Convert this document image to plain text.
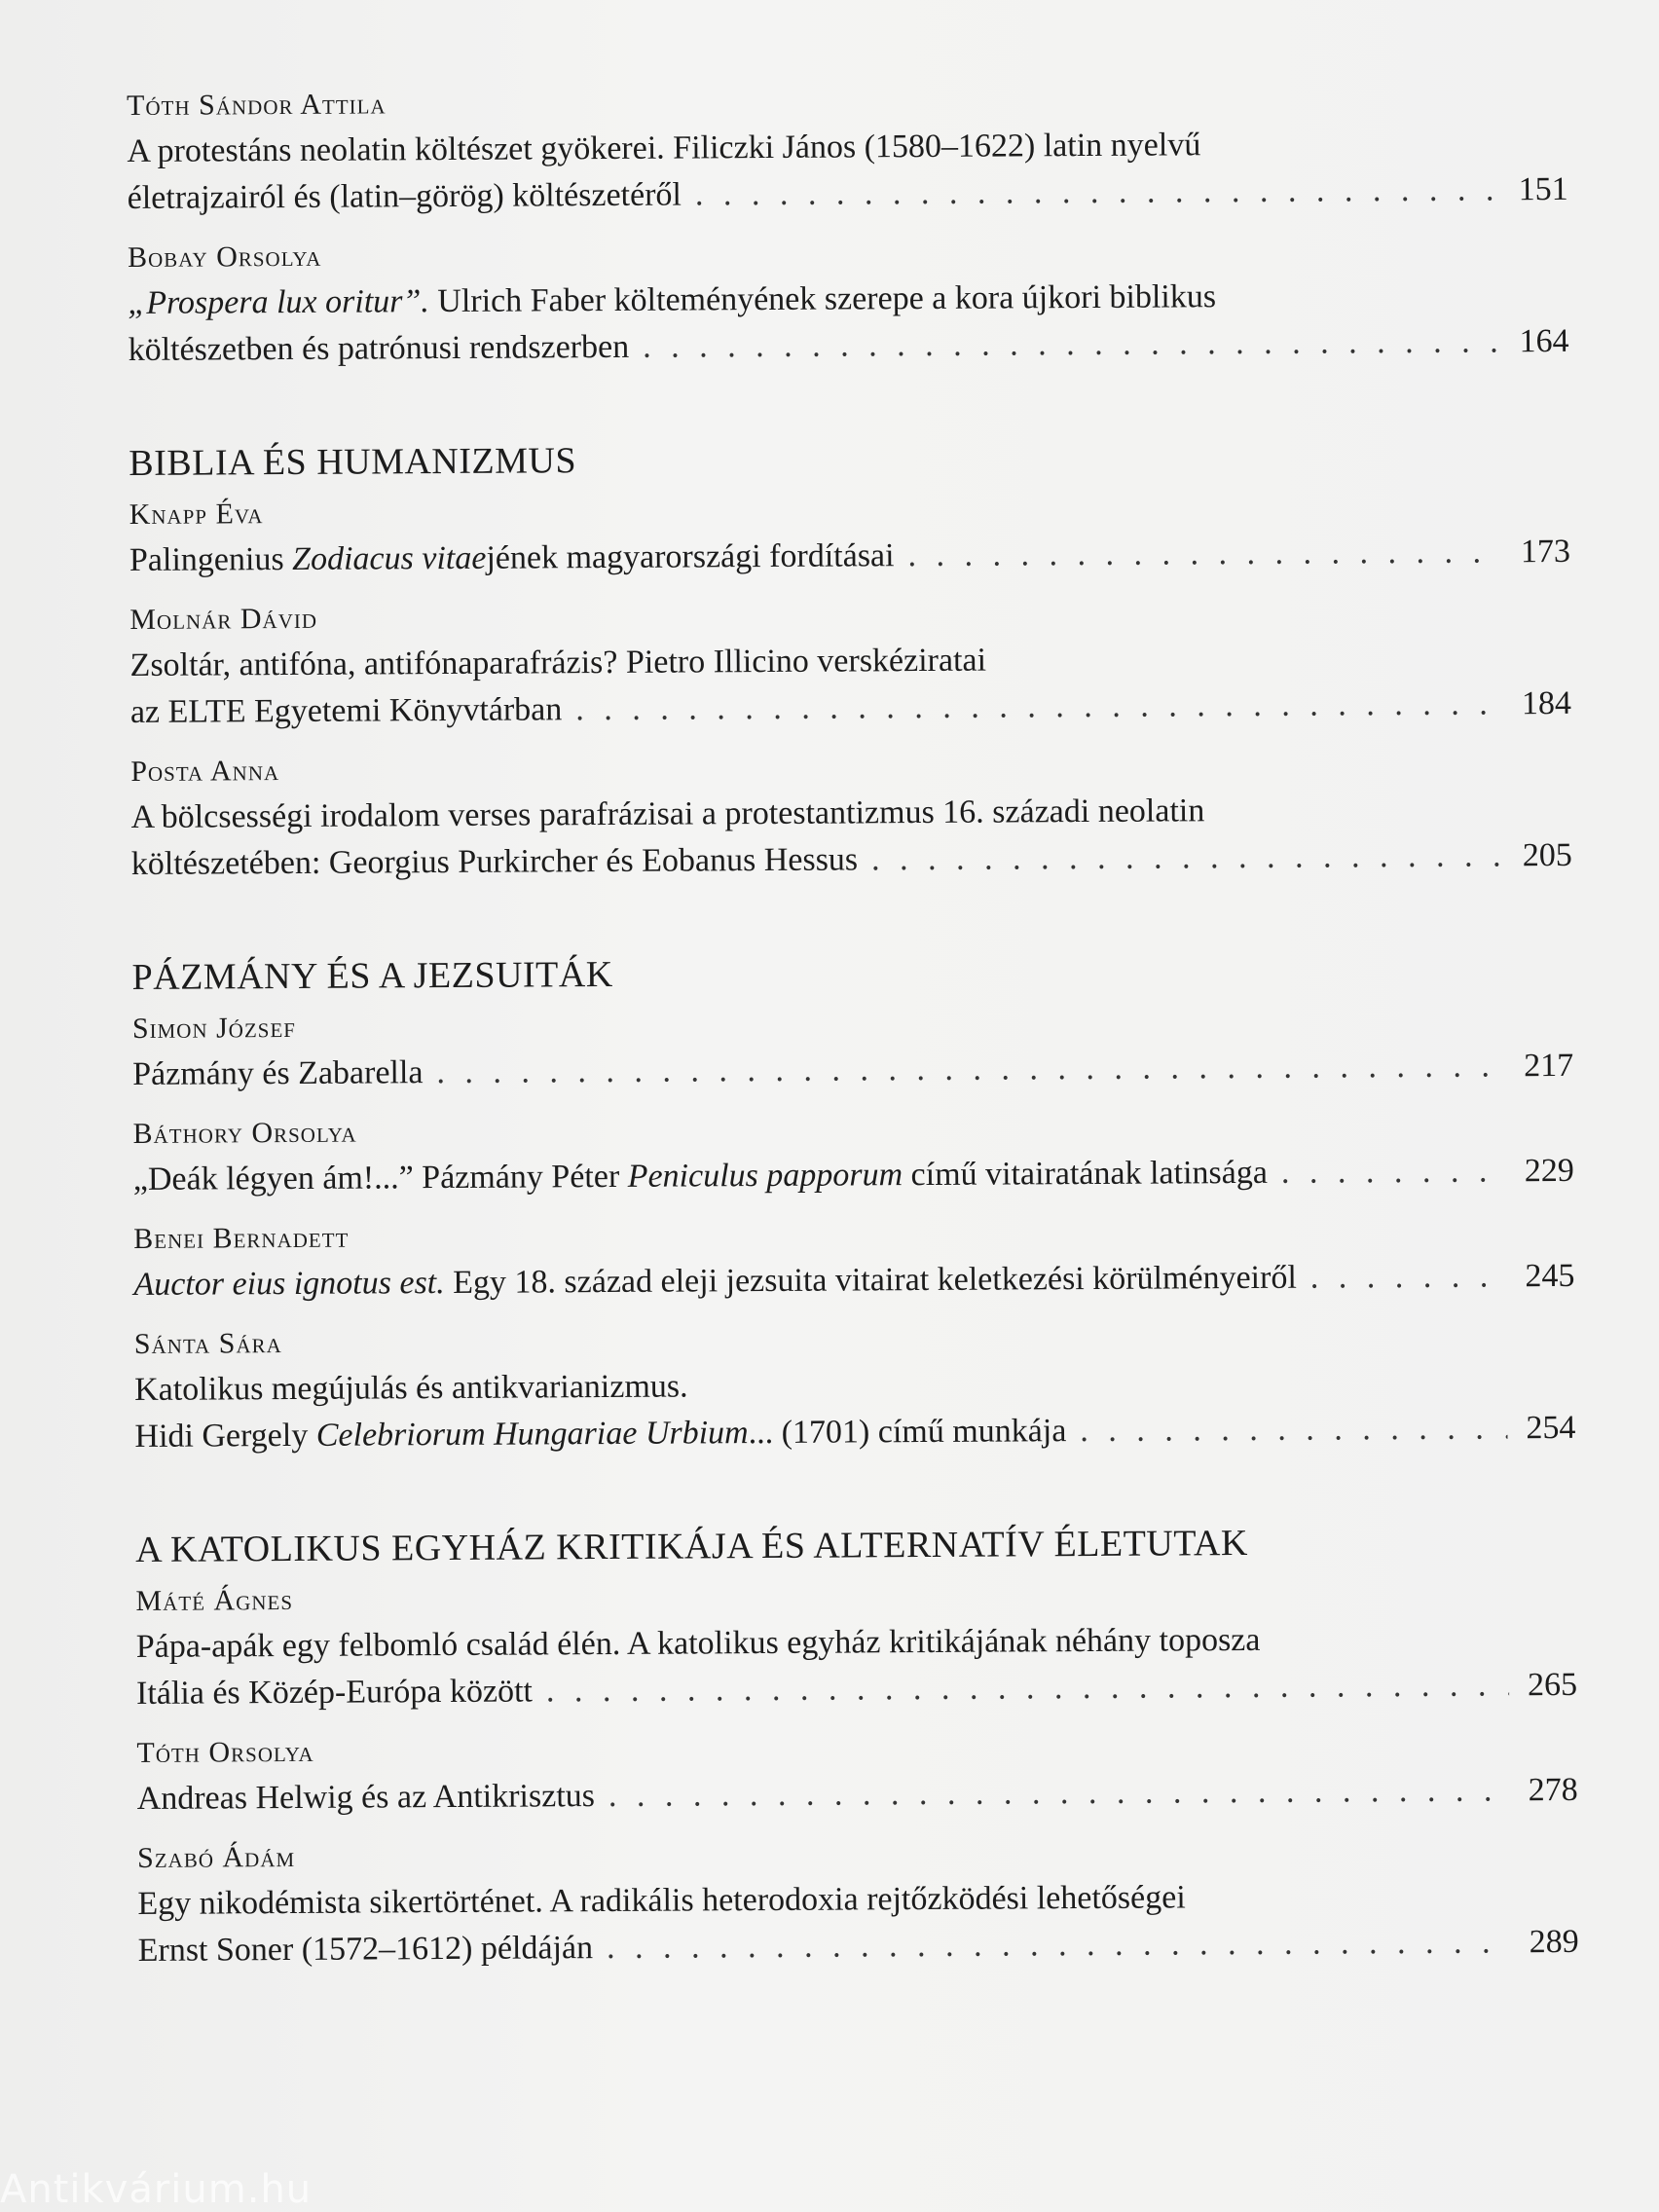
Tóth Sándor Attila

A protestáns neolatin költészet gyökerei. Filiczki János (1580–1622) latin nyelvű

életrajzairól és (latin–görög) költészetéről . . .	151

Bobay Orsolya

„Prospera lux oritur”. Ulrich Faber költeményének szerepe a kora újkori biblikus

költészetben és patrónusi rendszerben . . .	164
BIBLIA ÉS HUMANIZMUS

Knapp Éva

Palingenius Zodiacus vitaejének magyarországi fordításai . . .	173

Molnár Dávid

Zsoltár, antifóna, antifónaparafrázis? Pietro Illicino verskéziratai

az ELTE Egyetemi Könyvtárban . . .	184

Posta Anna

A bölcsességi irodalom verses parafrázisai a protestantizmus 16. századi neolatin

költészetében: Georgius Purkircher és Eobanus Hessus . . .	205
PÁZMÁNY ÉS A JEZSUITÁK

Simon József

Pázmány és Zabarella . . .	217

Báthory Orsolya

„Deák légyen ám!...” Pázmány Péter Peniculus papporum című vitairatának latinsága . . .	229

Benei Bernadett

Auctor eius ignotus est. Egy 18. század eleji jezsuita vitairat keletkezési körülményeiről . . .	245

Sánta Sára

Katolikus megújulás és antikvarianizmus.

Hidi Gergely Celebriorum Hungariae Urbium... (1701) című munkája . . .	254
A KATOLIKUS EGYHÁZ KRITIKÁJA ÉS ALTERNATÍV ÉLETUTAK

Máté Ágnes

Pápa-apák egy felbomló család élén. A katolikus egyház kritikájának néhány toposza

Itália és Közép-Európa között . . .	265

Tóth Orsolya

Andreas Helwig és az Antikrisztus . . .	278

Szabó Ádám

Egy nikodémista sikertörténet. A radikális heterodoxia rejtőzködési lehetőségei

Ernst Soner (1572–1612) példáján . . .	289
Antikvárium.hu
